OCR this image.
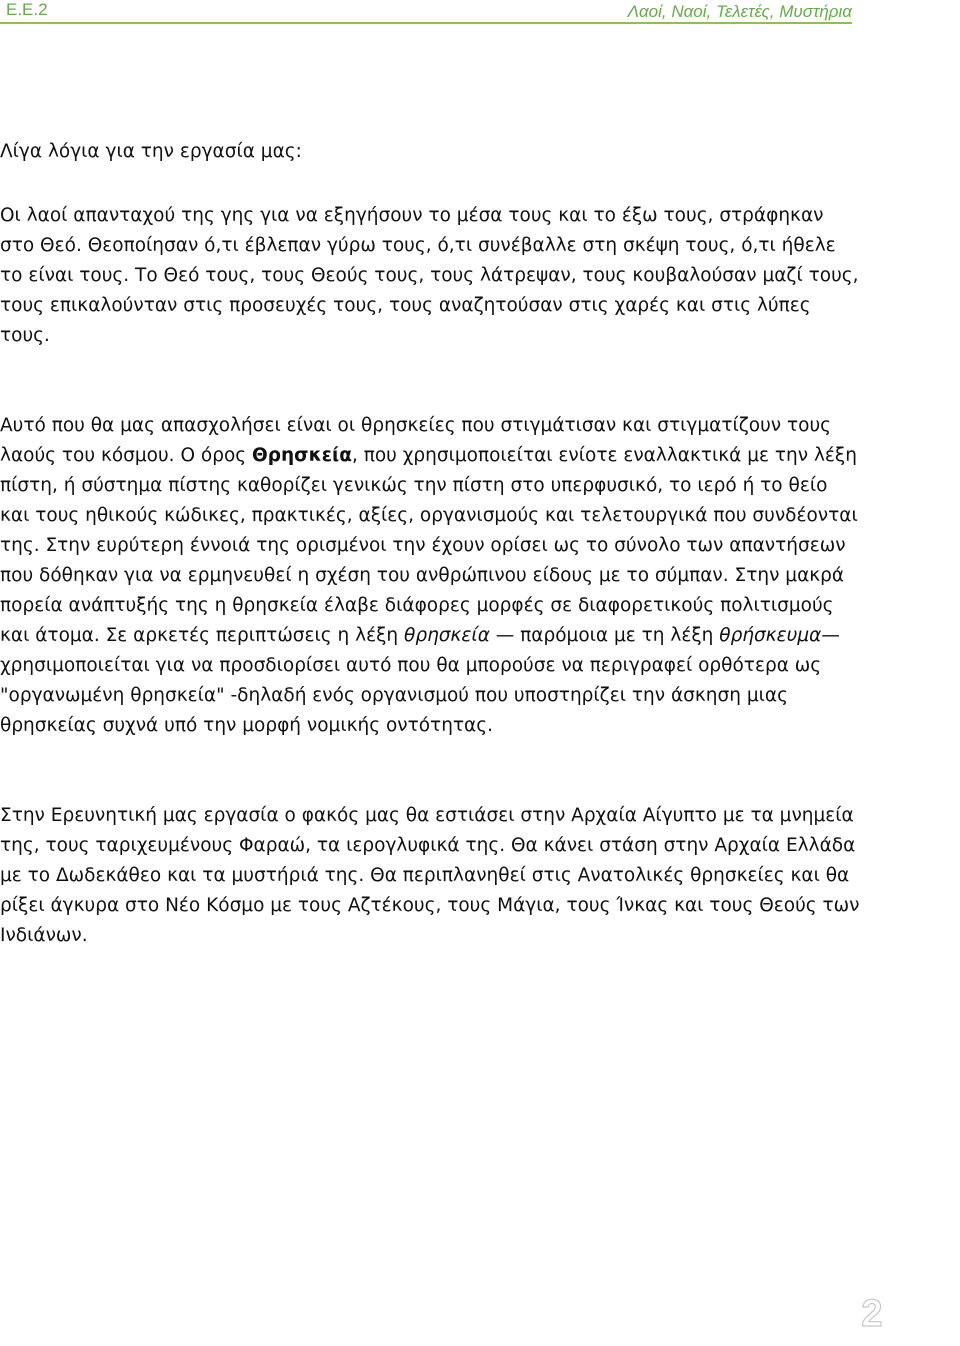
Ε.Ε.2	Λαοί, Ναοί, Τελετές, Μυστήρια
Λίγα λόγια για την εργασία μας:
Οι λαοί απανταχού της γης για να εξηγήσουν το μέσα τους και το έξω τους, στράφηκαν στο Θεό. Θεοποίησαν ό,τι έβλεπαν γύρω τους, ό,τι συνέβαλλε στη σκέψη τους, ό,τι ήθελε το είναι τους. Το Θεό τους, τους Θεούς τους, τους λάτρεψαν, τους κουβαλούσαν μαζί τους, τους επικαλούνταν στις προσευχές τους, τους αναζητούσαν στις χαρές και στις λύπες τους.
Αυτό που θα μας απασχολήσει είναι οι θρησκείες που στιγμάτισαν και στιγματίζουν τους λαούς του κόσμου. Ο όρος Θρησκεία, που χρησιμοποιείται ενίοτε εναλλακτικά με την λέξη πίστη, ή σύστημα πίστης καθορίζει γενικώς την πίστη στο υπερφυσικό, το ιερό ή το θείο και τους ηθικούς κώδικες, πρακτικές, αξίες, οργανισμούς και τελετουργικά που συνδέονται της. Στην ευρύτερη έννοιά της ορισμένοι την έχουν ορίσει ως το σύνολο των απαντήσεων που δόθηκαν για να ερμηνευθεί η σχέση του ανθρώπινου είδους με το σύμπαν. Στην μακρά πορεία ανάπτυξής της η θρησκεία έλαβε διάφορες μορφές σε διαφορετικούς πολιτισμούς και άτομα. Σε αρκετές περιπτώσεις η λέξη θρησκεία — παρόμοια με τη λέξη θρήσκευμα— χρησιμοποιείται για να προσδιορίσει αυτό που θα μπορούσε να περιγραφεί ορθότερα ως "οργανωμένη θρησκεία" -δηλαδή ενός οργανισμού που υποστηρίζει την άσκηση μιας θρησκείας συχνά υπό την μορφή νομικής οντότητας.
Στην Ερευνητική μας εργασία ο φακός μας θα εστιάσει στην Αρχαία Αίγυπτο με τα μνημεία της, τους ταριχευμένους Φαραώ, τα ιερογλυφικά της. Θα κάνει στάση στην Αρχαία Ελλάδα με το Δωδεκάθεο και τα μυστήριά της. Θα περιπλανηθεί στις Ανατολικές θρησκείες και θα ρίξει άγκυρα στο Νέο Κόσμο με τους Αζτέκους, τους Μάγια, τους Ίνκας και τους Θεούς των Ινδιάνων.
2
